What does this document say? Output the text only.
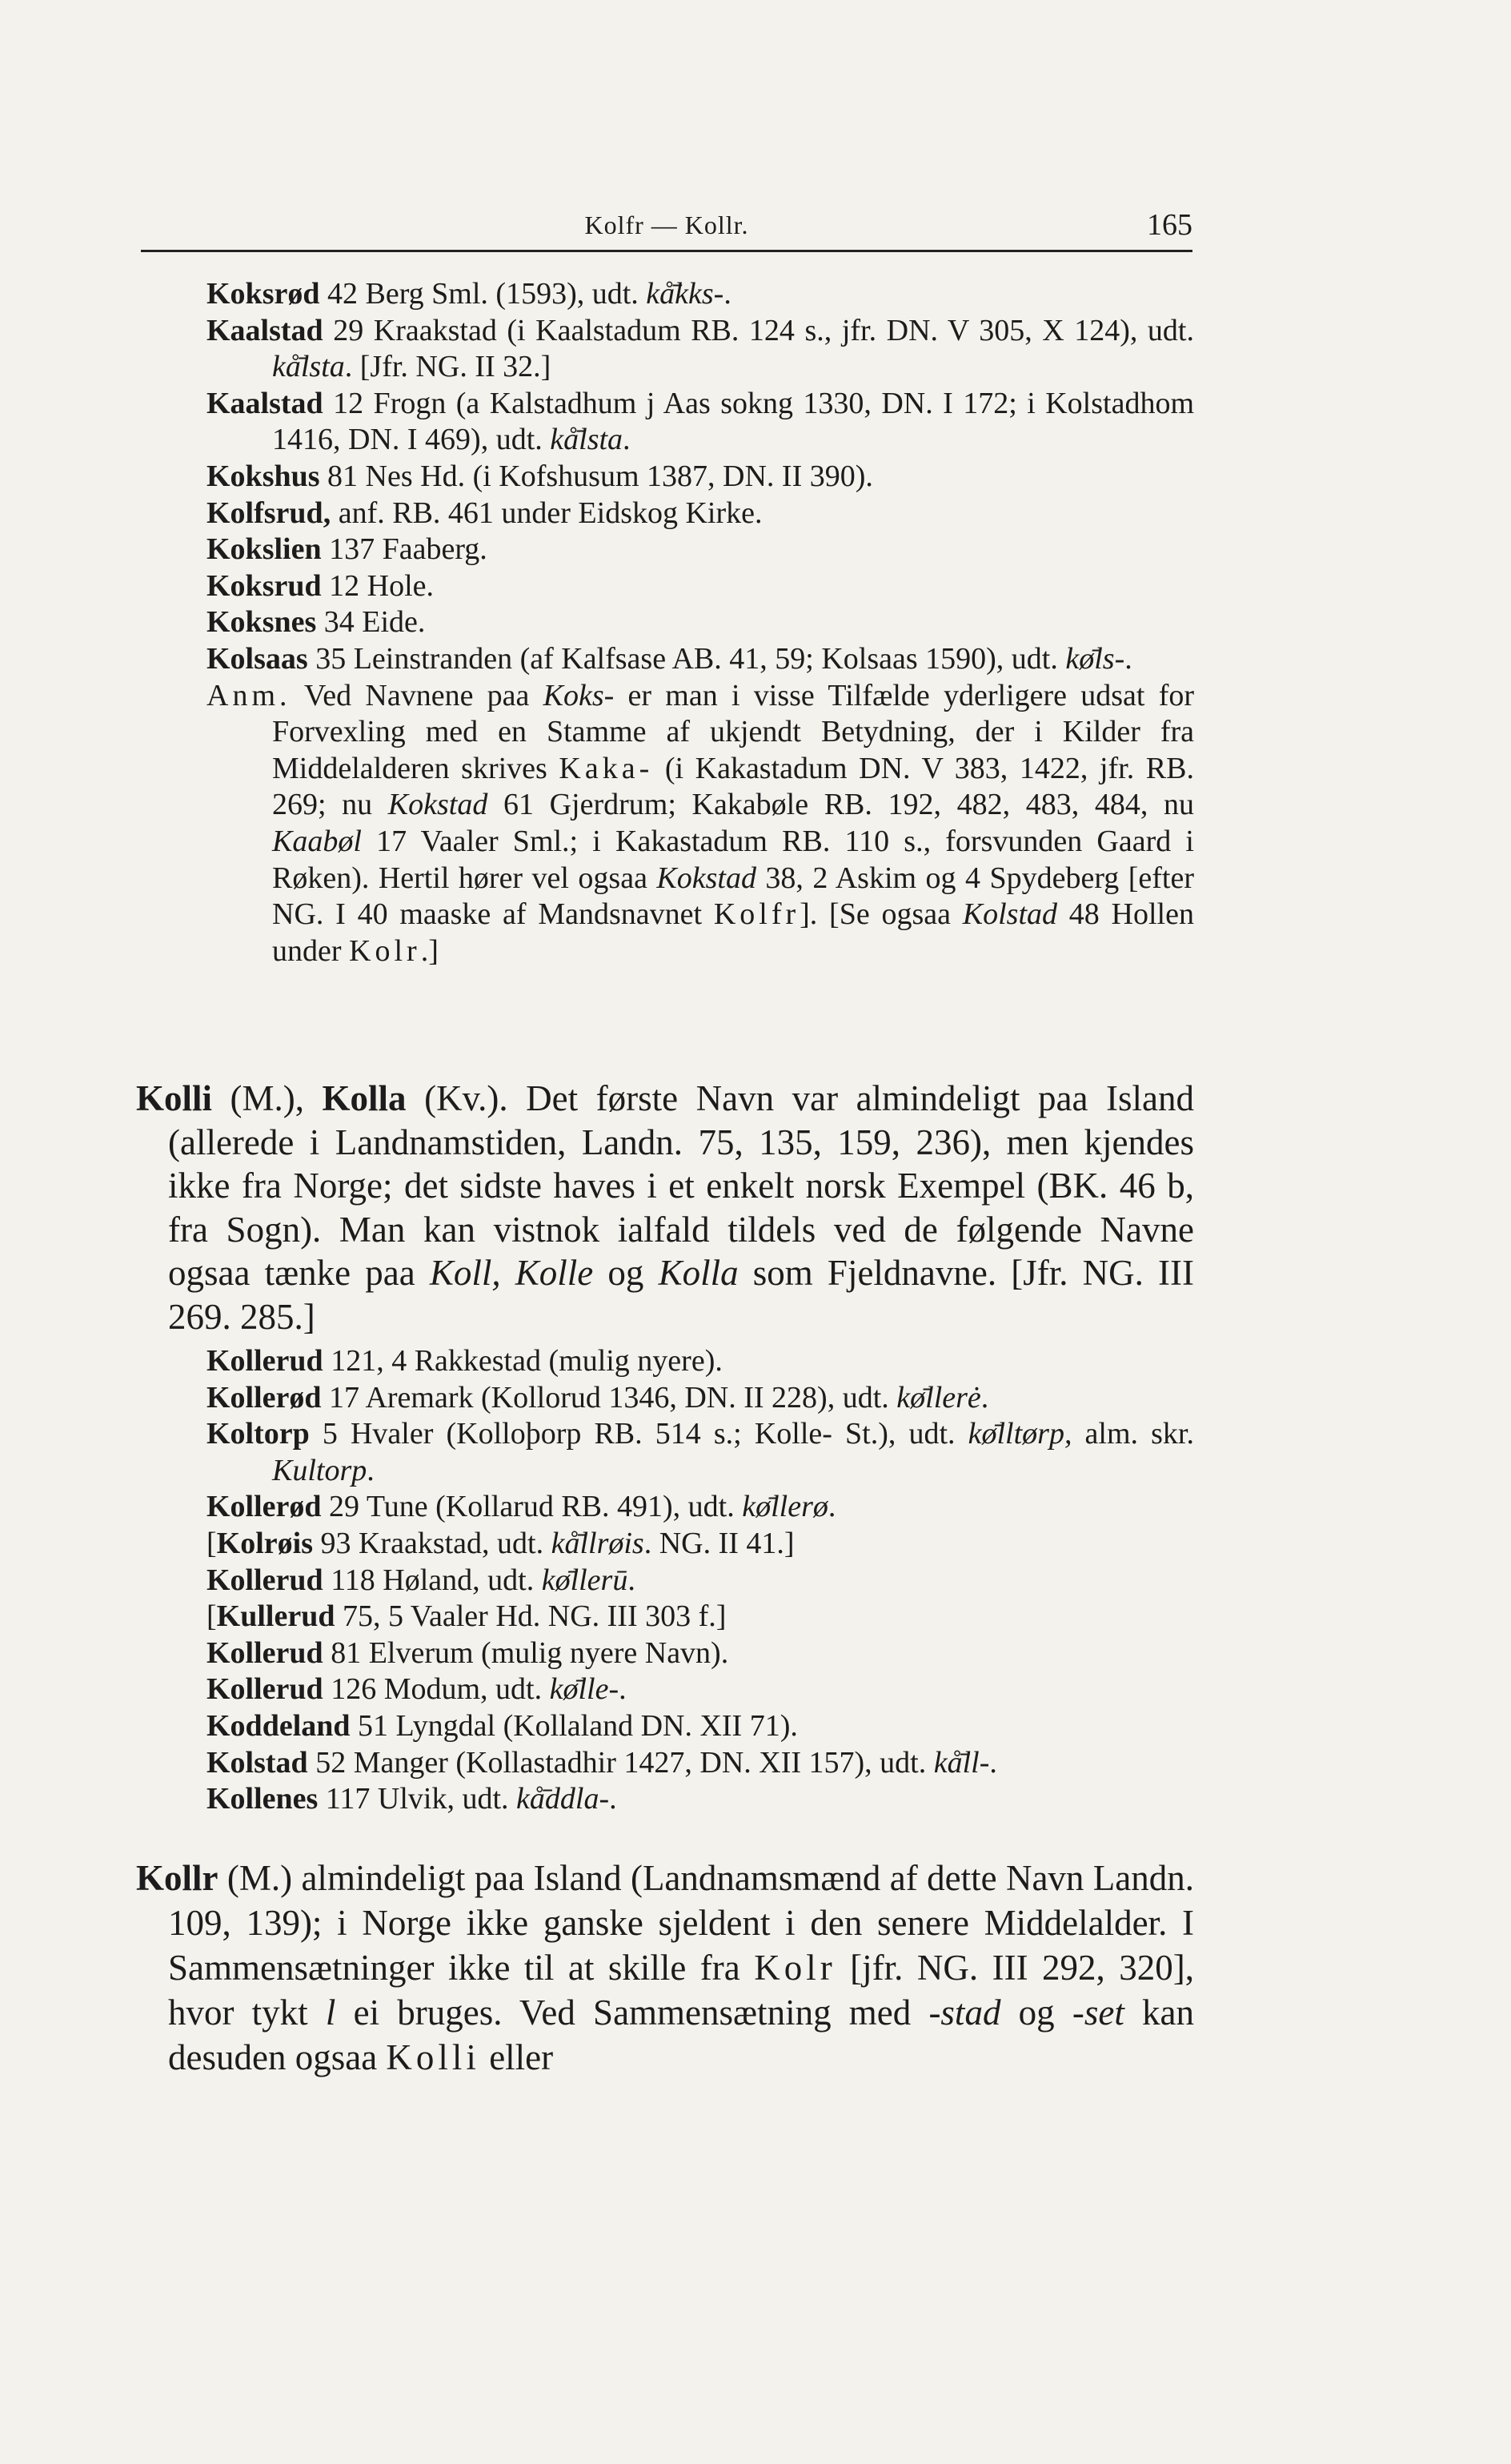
Kolfr — Kollr.	165

Koksrød 42 Berg Sml. (1593), udt. kå̄kks-.

Kaalstad 29 Kraakstad (i Kaalstadum RB. 124 s., jfr. DN. V 305, X 124), udt. kå̄lsta. [Jfr. NG. II 32.]

Kaalstad 12 Frogn (a Kalstadhum j Aas sokng 1330, DN. I 172; i Kolstadhom 1416, DN. I 469), udt. kå̄lsta.

Kokshus 81 Nes Hd. (i Kofshusum 1387, DN. II 390).

Kolfsrud, anf. RB. 461 under Eidskog Kirke.

Kokslien 137 Faaberg.

Koksrud 12 Hole.

Koksnes 34 Eide.

Kolsaas 35 Leinstranden (af Kalfsase AB. 41, 59; Kolsaas 1590), udt. kø̄ls-.

Anm. Ved Navnene paa Koks- er man i visse Tilfælde yderligere udsat for Forvexling med en Stamme af ukjendt Betydning, der i Kilder fra Middelalderen skrives Kaka- (i Kakastadum DN. V 383, 1422, jfr. RB. 269; nu Kokstad 61 Gjerdrum; Kakabøle RB. 192, 482, 483, 484, nu Kaabøl 17 Vaaler Sml.; i Kakastadum RB. 110 s., forsvunden Gaard i Røken). Hertil hører vel ogsaa Kokstad 38, 2 Askim og 4 Spydeberg [efter NG. I 40 maaske af Mandsnavnet Kolfr]. [Se ogsaa Kolstad 48 Hollen under Kolr.]

Kolli (M.), Kolla (Kv.). Det første Navn var almindeligt paa Island (allerede i Landnamstiden, Landn. 75, 135, 159, 236), men kjendes ikke fra Norge; det sidste haves i et enkelt norsk Exempel (BK. 46 b, fra Sogn). Man kan vistnok ialfald tildels ved de følgende Navne ogsaa tænke paa Koll, Kolle og Kolla som Fjeldnavne. [Jfr. NG. III 269. 285.]

Kollerud 121, 4 Rakkestad (mulig nyere).

Kollerød 17 Aremark (Kollorud 1346, DN. II 228), udt. kø̄llerė.

Koltorp 5 Hvaler (Kolloþorp RB. 514 s.; Kolle- St.), udt. kø̄lltørp, alm. skr. Kultorp.

Kollerød 29 Tune (Kollarud RB. 491), udt. kø̄llerø.

[Kolrøis 93 Kraakstad, udt. kå̄llrøis. NG. II 41.]

Kollerud 118 Høland, udt. kø̄llerū.

[Kullerud 75, 5 Vaaler Hd. NG. III 303 f.]

Kollerud 81 Elverum (mulig nyere Navn).

Kollerud 126 Modum, udt. kø̄lle-.

Koddeland 51 Lyngdal (Kollaland DN. XII 71).

Kolstad 52 Manger (Kollastadhir 1427, DN. XII 157), udt. kå̄ll-.

Kollenes 117 Ulvik, udt. kå̄ddla-.

Kollr (M.) almindeligt paa Island (Landnamsmænd af dette Navn Landn. 109, 139); i Norge ikke ganske sjeldent i den senere Middelalder. I Sammensætninger ikke til at skille fra Kolr [jfr. NG. III 292, 320], hvor tykt l ei bruges. Ved Sammensætning med -stad og -set kan desuden ogsaa Kolli eller
